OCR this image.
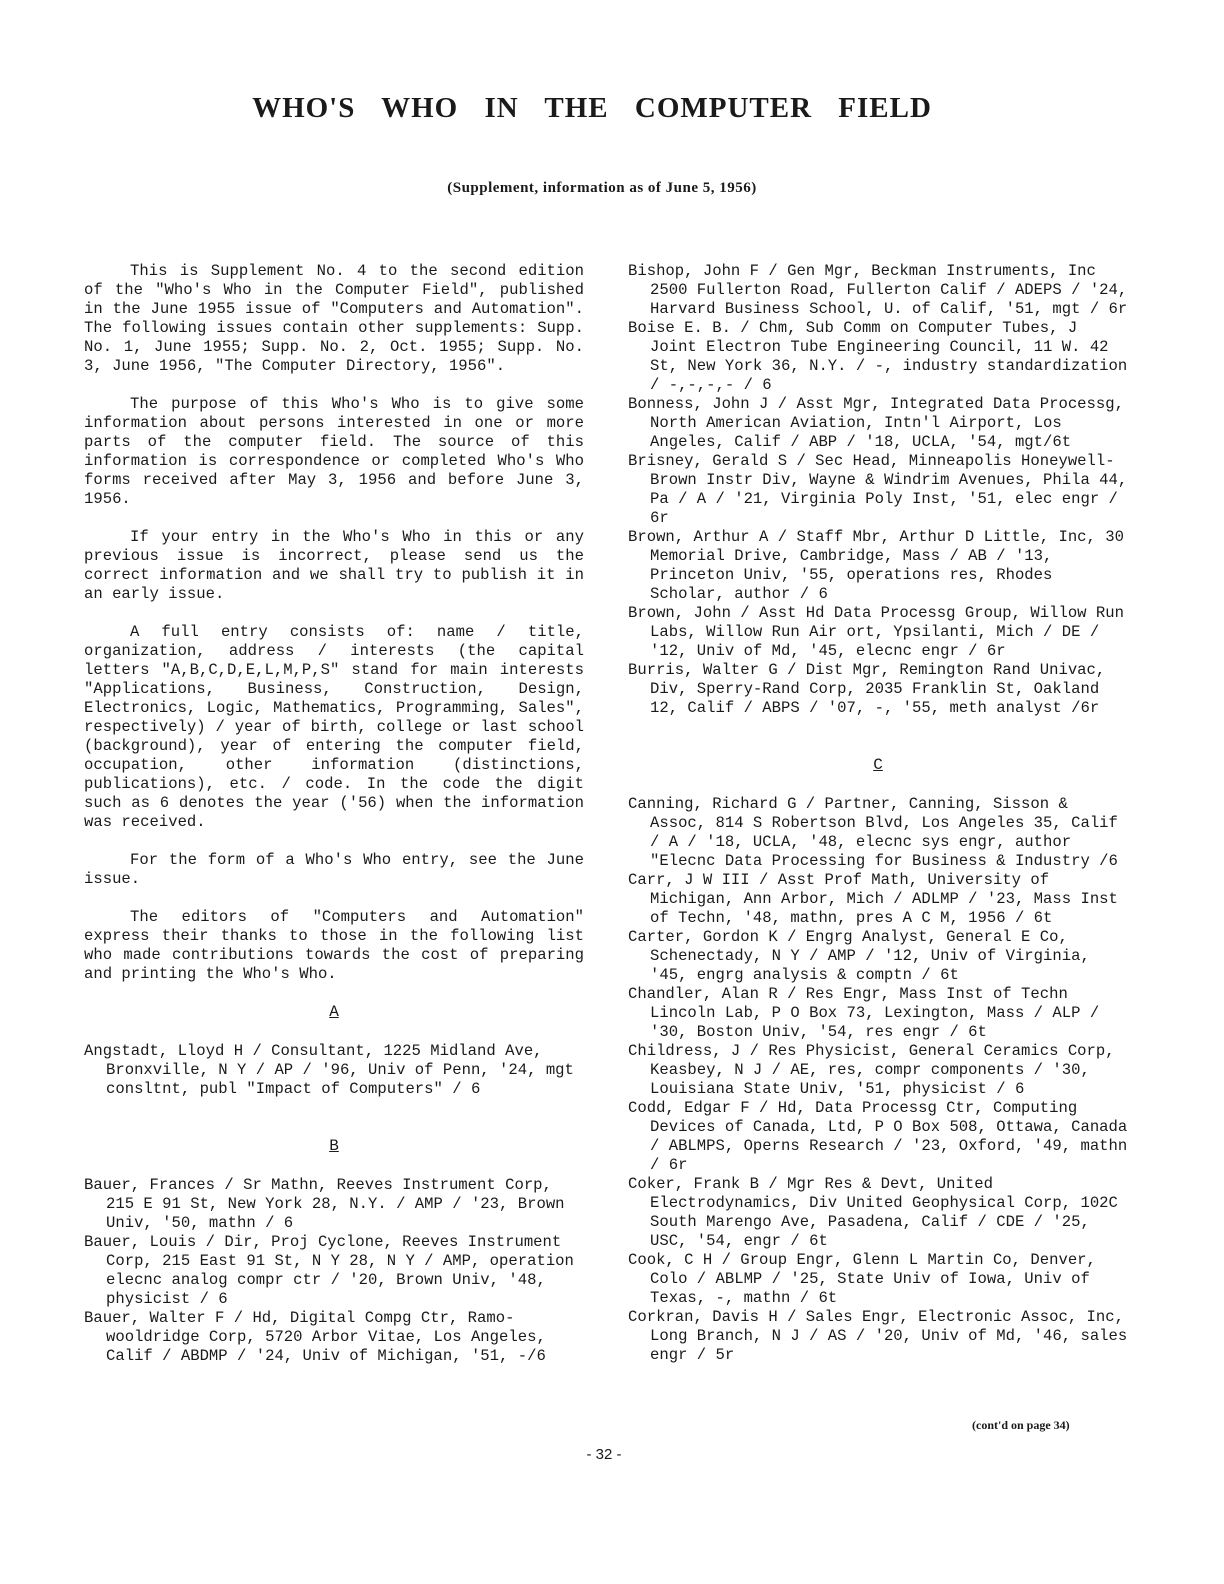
WHO'S WHO IN THE COMPUTER FIELD
(Supplement, information as of June 5, 1956)

This is Supplement No. 4 to the second edition of the "Who's Who in the Computer Field", published in the June 1955 issue of "Computers and Automation". The following issues contain other supplements: Supp. No. 1, June 1955; Supp. No. 2, Oct. 1955; Supp. No. 3, June 1956, "The Computer Directory, 1956".

The purpose of this Who's Who is to give some information about persons interested in one or more parts of the computer field. The source of this information is correspondence or completed Who's Who forms received after May 3, 1956 and before June 3, 1956.

If your entry in the Who's Who in this or any previous issue is incorrect, please send us the correct information and we shall try to publish it in an early issue.

A full entry consists of: name / title, organization, address / interests (the capital letters "A,B,C,D,E,L,M,P,S" stand for main interests "Applications, Business, Construction, Design, Electronics, Logic, Mathematics, Programming, Sales", respectively) / year of birth, college or last school (background), year of entering the computer field, occupation, other information (distinctions, publications), etc. / code. In the code the digit such as 6 denotes the year ('56) when the information was received.

For the form of a Who's Who entry, see the June issue.

The editors of "Computers and Automation" express their thanks to those in the following list who made contributions towards the cost of preparing and printing the Who's Who.

A

Angstadt, Lloyd H / Consultant, 1225 Midland Ave, Bronxville, N Y / AP / '96, Univ of Penn, '24, mgt consltnt, publ "Impact of Computers" / 6

B

Bauer, Frances / Sr Mathn, Reeves Instrument Corp, 215 E 91 St, New York 28, N.Y. / AMP / '23, Brown Univ, '50, mathn / 6

Bauer, Louis / Dir, Proj Cyclone, Reeves Instrument Corp, 215 East 91 St, N Y 28, N Y / AMP, operation elecnc analog compr ctr / '20, Brown Univ, '48, physicist / 6

Bauer, Walter F / Hd, Digital Compg Ctr, Ramo-wooldridge Corp, 5720 Arbor Vitae, Los Angeles, Calif / ABDMP / '24, Univ of Michigan, '51, -/6

Bishop, John F / Gen Mgr, Beckman Instruments, Inc 2500 Fullerton Road, Fullerton Calif / ADEPS / '24, Harvard Business School, U. of Calif, '51, mgt / 6r

Boise E. B. / Chm, Sub Comm on Computer Tubes, J Joint Electron Tube Engineering Council, 11 W. 42 St, New York 36, N.Y. / -, industry standardization / -,-,-,- / 6

Bonness, John J / Asst Mgr, Integrated Data Processg, North American Aviation, Intn'l Airport, Los Angeles, Calif / ABP / '18, UCLA, '54, mgt/6t

Brisney, Gerald S / Sec Head, Minneapolis Honeywell-Brown Instr Div, Wayne & Windrim Avenues, Phila 44, Pa / A / '21, Virginia Poly Inst, '51, elec engr / 6r

Brown, Arthur A / Staff Mbr, Arthur D Little, Inc, 30 Memorial Drive, Cambridge, Mass / AB / '13, Princeton Univ, '55, operations res, Rhodes Scholar, author / 6

Brown, John / Asst Hd Data Processg Group, Willow Run Labs, Willow Run Air ort, Ypsilanti, Mich / DE / '12, Univ of Md, '45, elecnc engr / 6r

Burris, Walter G / Dist Mgr, Remington Rand Univac, Div, Sperry-Rand Corp, 2035 Franklin St, Oakland 12, Calif / ABPS / '07, -, '55, meth analyst /6r

C

Canning, Richard G / Partner, Canning, Sisson & Assoc, 814 S Robertson Blvd, Los Angeles 35, Calif / A / '18, UCLA, '48, elecnc sys engr, author "Elecnc Data Processing for Business & Industry /6

Carr, J W III / Asst Prof Math, University of Michigan, Ann Arbor, Mich / ADLMP / '23, Mass Inst of Techn, '48, mathn, pres A C M, 1956 / 6t

Carter, Gordon K / Engrg Analyst, General E Co, Schenectady, N Y / AMP / '12, Univ of Virginia, '45, engrg analysis & comptn / 6t

Chandler, Alan R / Res Engr, Mass Inst of Techn Lincoln Lab, P O Box 73, Lexington, Mass / ALP / '30, Boston Univ, '54, res engr / 6t

Childress, J / Res Physicist, General Ceramics Corp, Keasbey, N J / AE, res, compr components / '30, Louisiana State Univ, '51, physicist / 6

Codd, Edgar F / Hd, Data Processg Ctr, Computing Devices of Canada, Ltd, P O Box 508, Ottawa, Canada / ABLMPS, Operns Research / '23, Oxford, '49, mathn / 6r

Coker, Frank B / Mgr Res & Devt, United Electrodynamics, Div United Geophysical Corp, 102C South Marengo Ave, Pasadena, Calif / CDE / '25, USC, '54, engr / 6t

Cook, C H / Group Engr, Glenn L Martin Co, Denver, Colo / ABLMP / '25, State Univ of Iowa, Univ of Texas, -, mathn / 6t

Corkran, Davis H / Sales Engr, Electronic Assoc, Inc, Long Branch, N J / AS / '20, Univ of Md, '46, sales engr / 5r

(cont'd on page 34)
- 32 -
